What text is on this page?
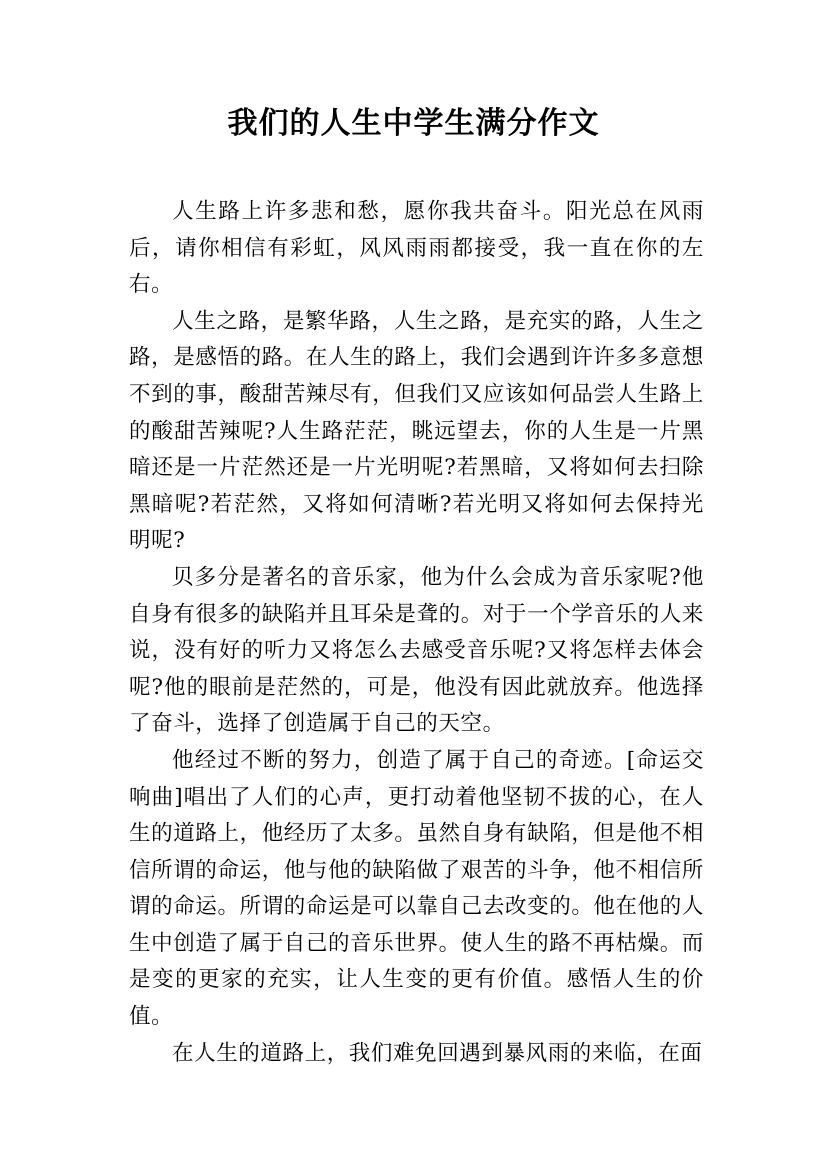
我们的人生中学生满分作文

人生路上许多悲和愁，愿你我共奋斗。阳光总在风雨后，请你相信有彩虹，风风雨雨都接受，我一直在你的左右。

人生之路，是繁华路，人生之路，是充实的路，人生之路，是感悟的路。在人生的路上，我们会遇到许许多多意想不到的事，酸甜苦辣尽有，但我们又应该如何品尝人生路上的酸甜苦辣呢?人生路茫茫，眺远望去，你的人生是一片黑暗还是一片茫然还是一片光明呢?若黑暗，又将如何去扫除黑暗呢?若茫然，又将如何清晰?若光明又将如何去保持光明呢?

贝多分是著名的音乐家，他为什么会成为音乐家呢?他自身有很多的缺陷并且耳朵是聋的。对于一个学音乐的人来说，没有好的听力又将怎么去感受音乐呢?又将怎样去体会呢?他的眼前是茫然的，可是，他没有因此就放弃。他选择了奋斗，选择了创造属于自己的天空。

他经过不断的努力，创造了属于自己的奇迹。[命运交响曲]唱出了人们的心声，更打动着他坚韧不拔的心，在人生的道路上，他经历了太多。虽然自身有缺陷，但是他不相信所谓的命运，他与他的缺陷做了艰苦的斗争，他不相信所谓的命运。所谓的命运是可以靠自己去改变的。他在他的人生中创造了属于自己的音乐世界。使人生的路不再枯燥。而是变的更家的充实，让人生变的更有价值。感悟人生的价值。

在人生的道路上，我们难免回遇到暴风雨的来临，在面
